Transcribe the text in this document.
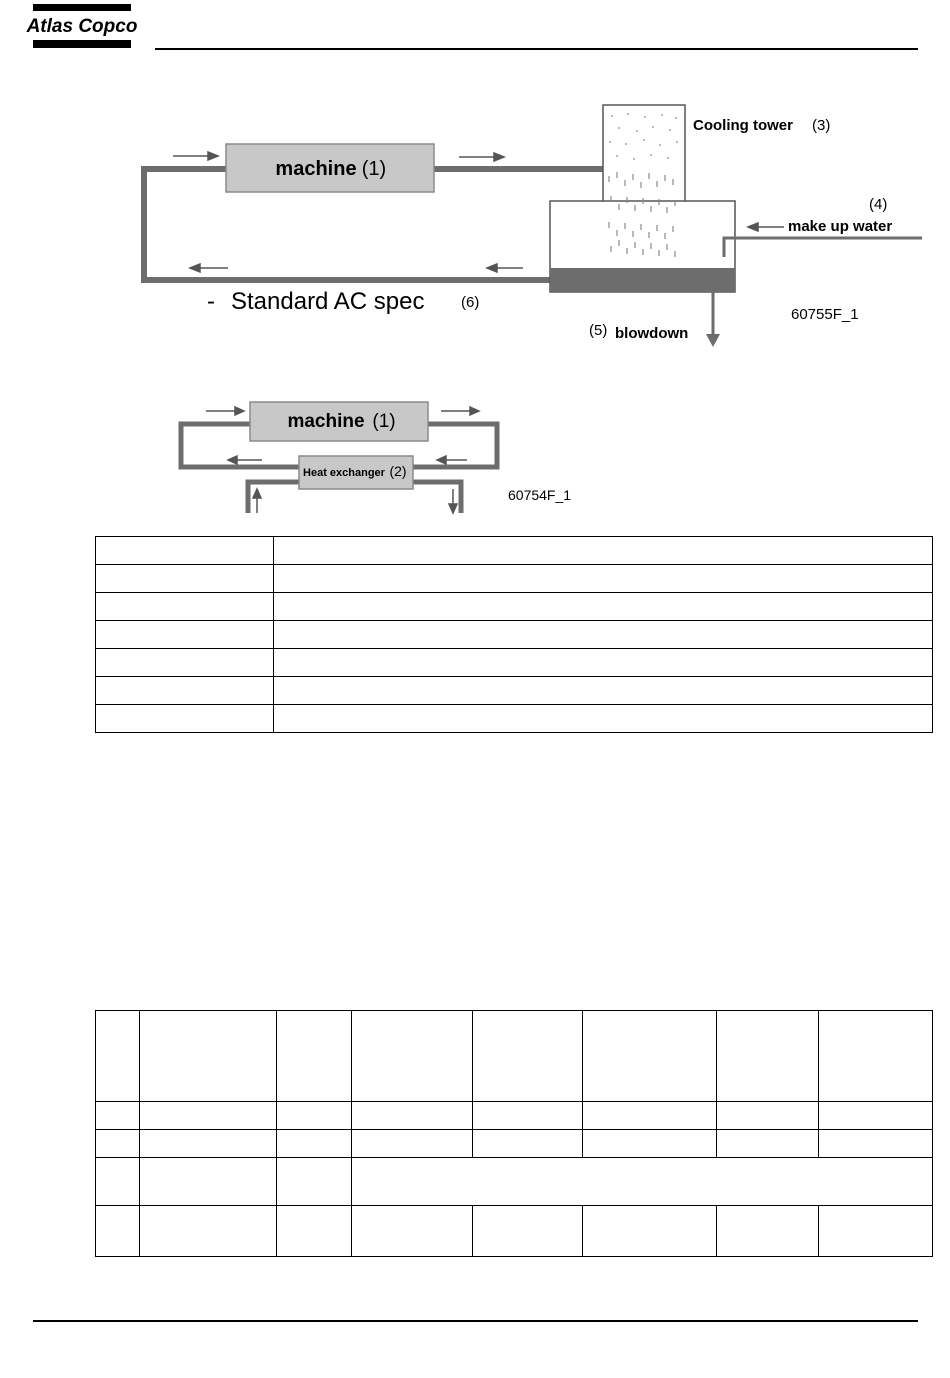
Atlas Copco
machine (1)
Cooling tower (3)
(4)
make up water
- Standard AC spec (6)
(5) blowdown
60755F_1
machine (1)
Heat exchanger (2)
60754F_1
